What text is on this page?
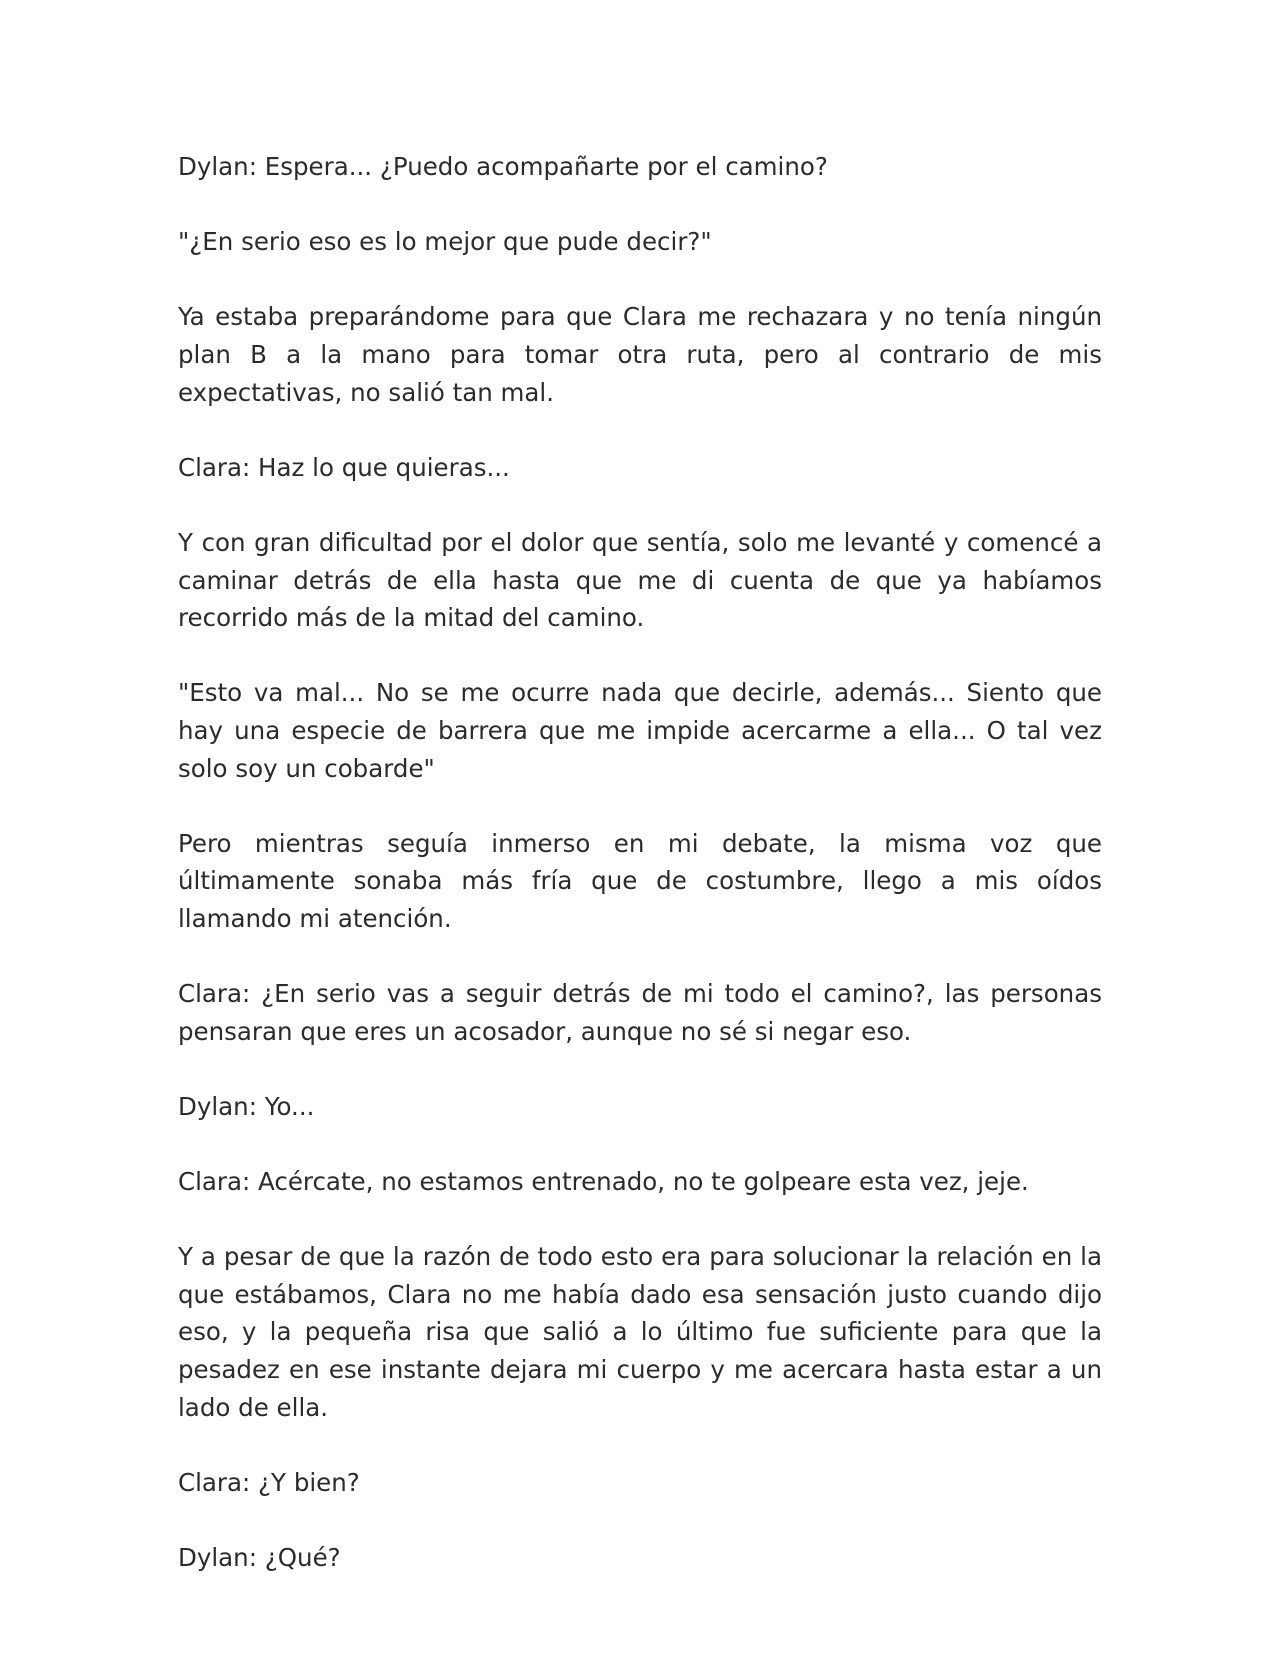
Dylan: Espera... ¿Puedo acompañarte por el camino?

"¿En serio eso es lo mejor que pude decir?"

Ya estaba preparándome para que Clara me rechazara y no tenía ningún plan B a la mano para tomar otra ruta, pero al contrario de mis expectativas, no salió tan mal.

Clara: Haz lo que quieras...

Y con gran dificultad por el dolor que sentía, solo me levanté y comencé a caminar detrás de ella hasta que me di cuenta de que ya habíamos recorrido más de la mitad del camino.

"Esto va mal... No se me ocurre nada que decirle, además... Siento que hay una especie de barrera que me impide acercarme a ella... O tal vez solo soy un cobarde"

Pero mientras seguía inmerso en mi debate, la misma voz que últimamente sonaba más fría que de costumbre, llego a mis oídos llamando mi atención.

Clara: ¿En serio vas a seguir detrás de mi todo el camino?, las personas pensaran que eres un acosador, aunque no sé si negar eso.

Dylan: Yo...

Clara: Acércate, no estamos entrenado, no te golpeare esta vez, jeje.

Y a pesar de que la razón de todo esto era para solucionar la relación en la que estábamos, Clara no me había dado esa sensación justo cuando dijo eso, y la pequeña risa que salió a lo último fue suficiente para que la pesadez en ese instante dejara mi cuerpo y me acercara hasta estar a un lado de ella.

Clara: ¿Y bien?

Dylan: ¿Qué?
